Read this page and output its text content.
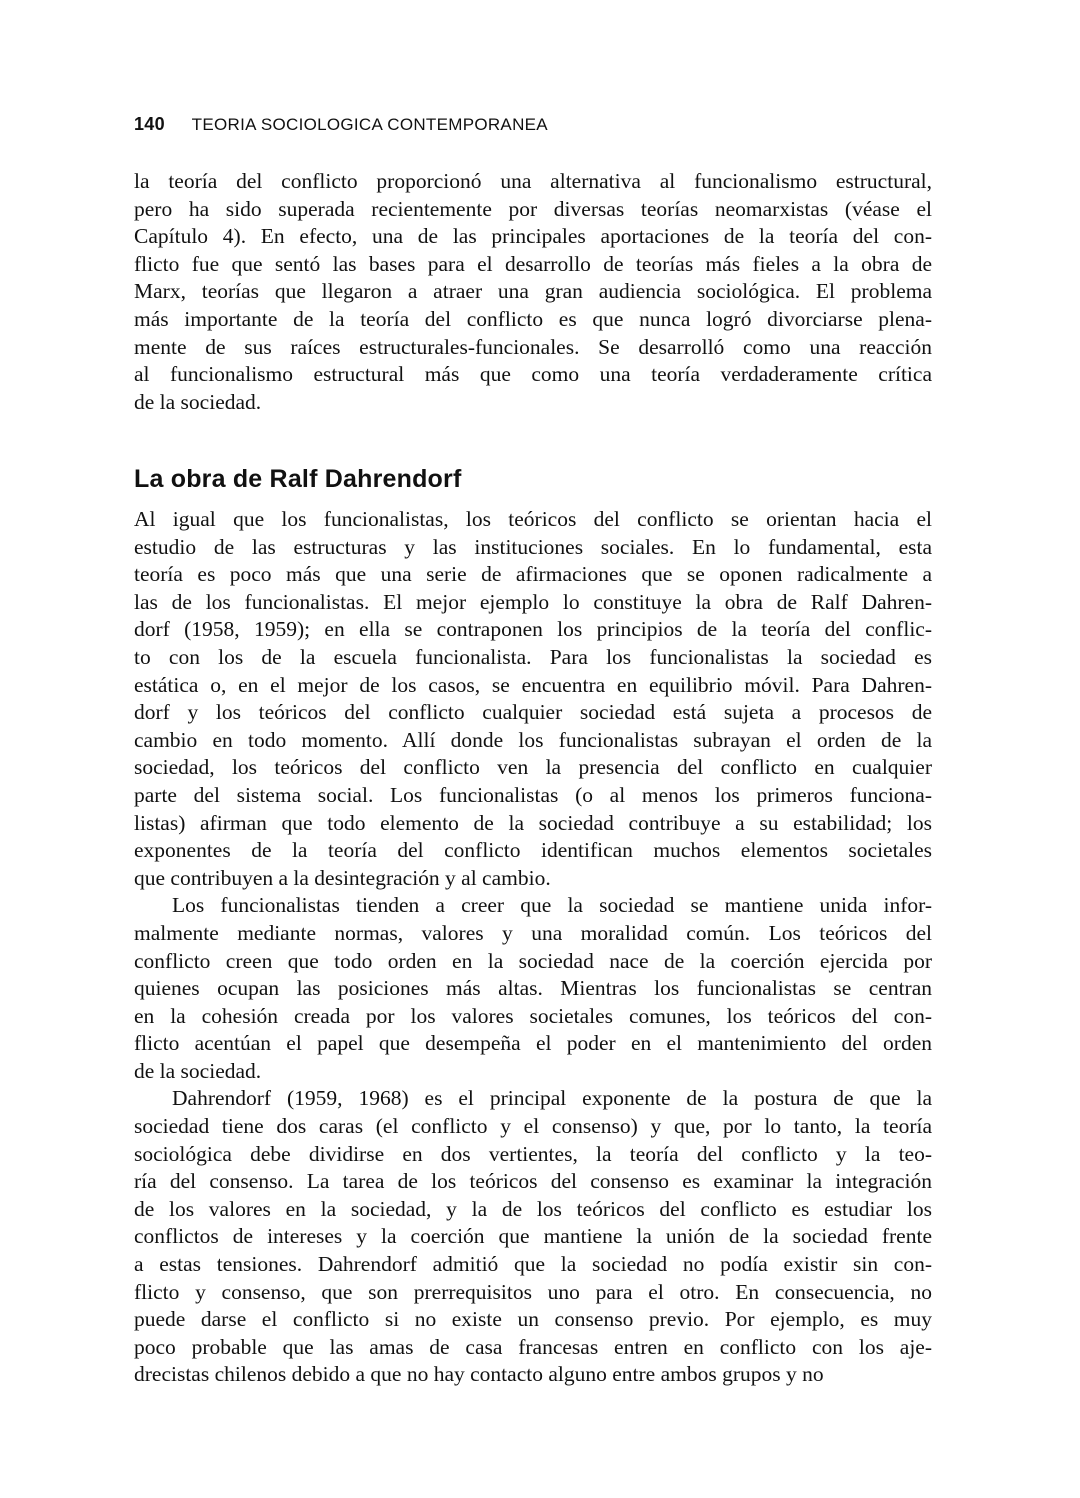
140 TEORIA SOCIOLOGICA CONTEMPORANEA
la teoría del conflicto proporcionó una alternativa al funcionalismo estructural,
pero ha sido superada recientemente por diversas teorías neomarxistas (véase el
Capítulo 4). En efecto, una de las principales aportaciones de la teoría del con-
flicto fue que sentó las bases para el desarrollo de teorías más fieles a la obra de
Marx, teorías que llegaron a atraer una gran audiencia sociológica. El problema
más importante de la teoría del conflicto es que nunca logró divorciarse plena-
mente de sus raíces estructurales-funcionales. Se desarrolló como una reacción
al funcionalismo estructural más que como una teoría verdaderamente crítica
de la sociedad.
La obra de Ralf Dahrendorf
Al igual que los funcionalistas, los teóricos del conflicto se orientan hacia el
estudio de las estructuras y las instituciones sociales. En lo fundamental, esta
teoría es poco más que una serie de afirmaciones que se oponen radicalmente a
las de los funcionalistas. El mejor ejemplo lo constituye la obra de Ralf Dahren-
dorf (1958, 1959); en ella se contraponen los principios de la teoría del conflic-
to con los de la escuela funcionalista. Para los funcionalistas la sociedad es
estática o, en el mejor de los casos, se encuentra en equilibrio móvil. Para Dahren-
dorf y los teóricos del conflicto cualquier sociedad está sujeta a procesos de
cambio en todo momento. Allí donde los funcionalistas subrayan el orden de la
sociedad, los teóricos del conflicto ven la presencia del conflicto en cualquier
parte del sistema social. Los funcionalistas (o al menos los primeros funciona-
listas) afirman que todo elemento de la sociedad contribuye a su estabilidad; los
exponentes de la teoría del conflicto identifican muchos elementos societales
que contribuyen a la desintegración y al cambio.
Los funcionalistas tienden a creer que la sociedad se mantiene unida infor-
malmente mediante normas, valores y una moralidad común. Los teóricos del
conflicto creen que todo orden en la sociedad nace de la coerción ejercida por
quienes ocupan las posiciones más altas. Mientras los funcionalistas se centran
en la cohesión creada por los valores societales comunes, los teóricos del con-
flicto acentúan el papel que desempeña el poder en el mantenimiento del orden
de la sociedad.
Dahrendorf (1959, 1968) es el principal exponente de la postura de que la
sociedad tiene dos caras (el conflicto y el consenso) y que, por lo tanto, la teoría
sociológica debe dividirse en dos vertientes, la teoría del conflicto y la teo-
ría del consenso. La tarea de los teóricos del consenso es examinar la integración
de los valores en la sociedad, y la de los teóricos del conflicto es estudiar los
conflictos de intereses y la coerción que mantiene la unión de la sociedad frente
a estas tensiones. Dahrendorf admitió que la sociedad no podía existir sin con-
flicto y consenso, que son prerrequisitos uno para el otro. En consecuencia, no
puede darse el conflicto si no existe un consenso previo. Por ejemplo, es muy
poco probable que las amas de casa francesas entren en conflicto con los aje-
drecistas chilenos debido a que no hay contacto alguno entre ambos grupos y no
